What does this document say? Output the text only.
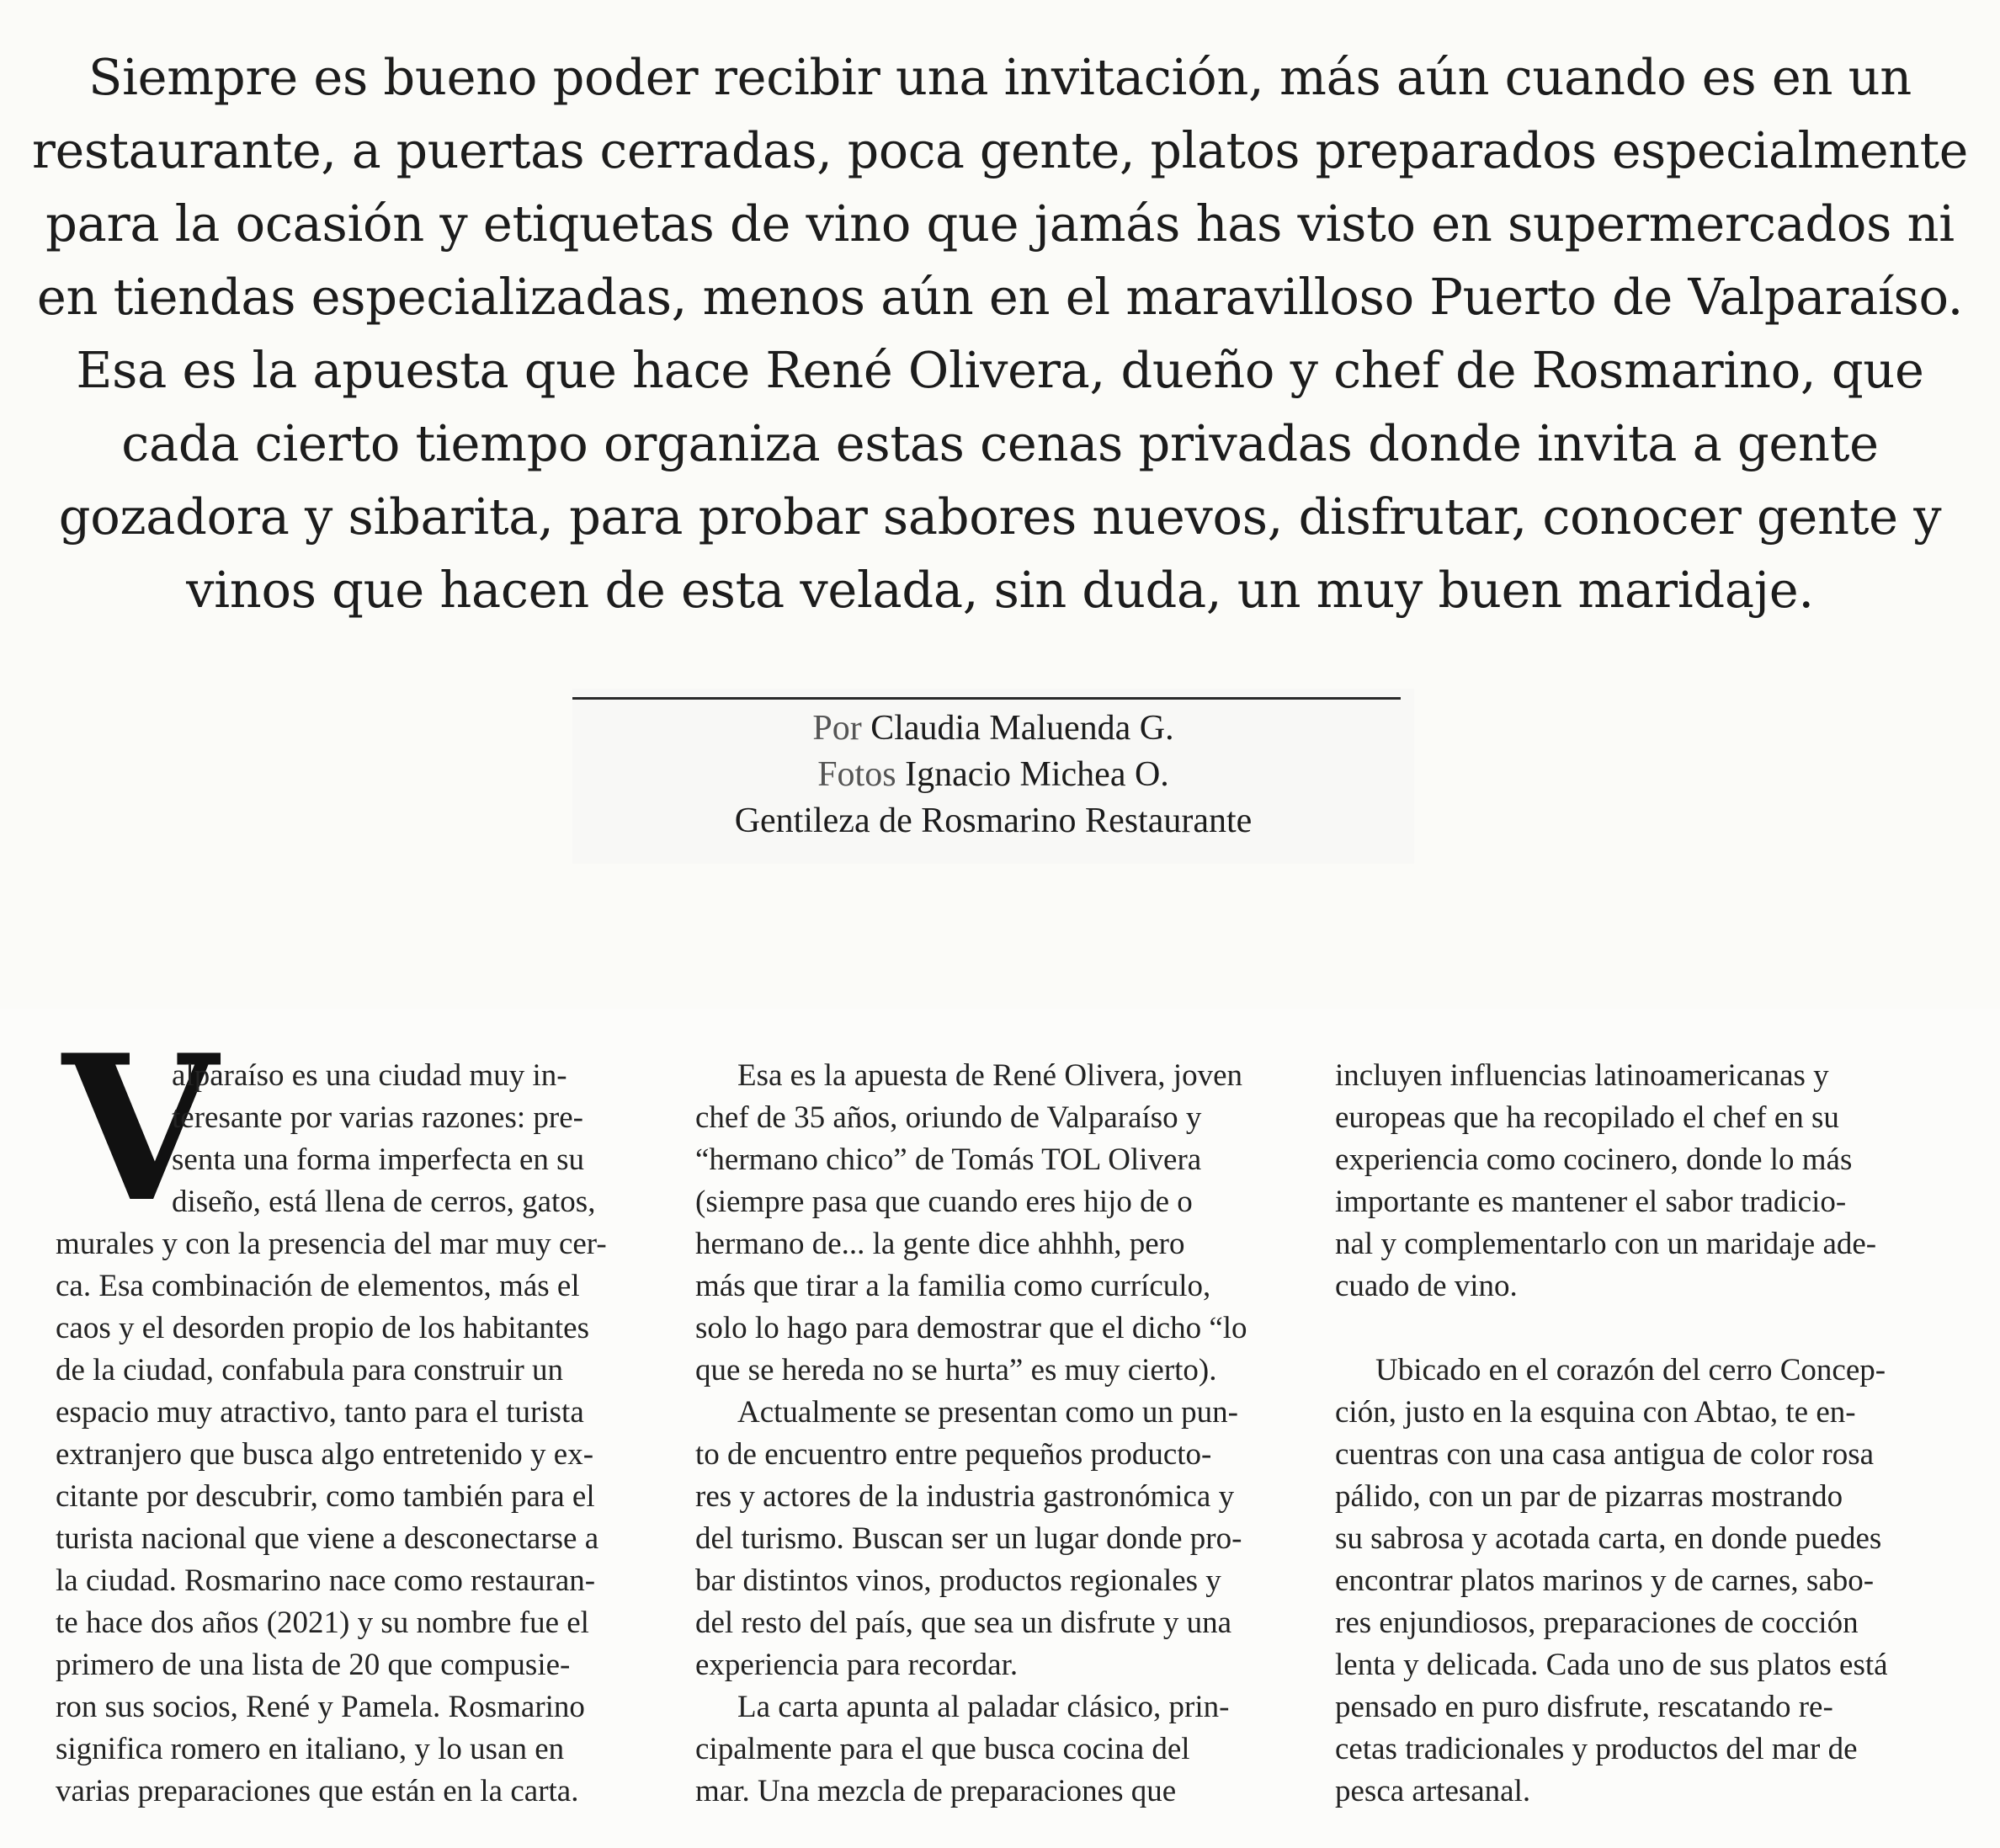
Siempre es bueno poder recibir una invitación, más aún cuando es en un
restaurante, a puertas cerradas, poca gente, platos preparados especialmente
para la ocasión y etiquetas de vino que jamás has visto en supermercados ni
en tiendas especializadas, menos aún en el maravilloso Puerto de Valparaíso.
Esa es la apuesta que hace René Olivera, dueño y chef de Rosmarino, que
cada cierto tiempo organiza estas cenas privadas donde invita a gente
gozadora y sibarita, para probar sabores nuevos, disfrutar, conocer gente y
vinos que hacen de esta velada, sin duda, un muy buen maridaje.
Por Claudia Maluenda G.
Fotos Ignacio Michea O.
Gentileza de Rosmarino Restaurante
V
alparaíso es una ciudad muy in-
teresante por varias razones: pre-
senta una forma imperfecta en su
diseño, está llena de cerros, gatos,
murales y con la presencia del mar muy cer-
ca. Esa combinación de elementos, más el
caos y el desorden propio de los habitantes
de la ciudad, confabula para construir un
espacio muy atractivo, tanto para el turista
extranjero que busca algo entretenido y ex-
citante por descubrir, como también para el
turista nacional que viene a desconectarse a
la ciudad. Rosmarino nace como restauran-
te hace dos años (2021) y su nombre fue el
primero de una lista de 20 que compusie-
ron sus socios, René y Pamela. Rosmarino
significa romero en italiano, y lo usan en
varias preparaciones que están en la carta.
Esa es la apuesta de René Olivera, joven
chef de 35 años, oriundo de Valparaíso y
“hermano chico” de Tomás TOL Olivera
(siempre pasa que cuando eres hijo de o
hermano de... la gente dice ahhhh, pero
más que tirar a la familia como currículo,
solo lo hago para demostrar que el dicho “lo
que se hereda no se hurta” es muy cierto).
Actualmente se presentan como un pun-
to de encuentro entre pequeños producto-
res y actores de la industria gastronómica y
del turismo. Buscan ser un lugar donde pro-
bar distintos vinos, productos regionales y
del resto del país, que sea un disfrute y una
experiencia para recordar.
La carta apunta al paladar clásico, prin-
cipalmente para el que busca cocina del
mar. Una mezcla de preparaciones que
incluyen influencias latinoamericanas y
europeas que ha recopilado el chef en su
experiencia como cocinero, donde lo más
importante es mantener el sabor tradicio-
nal y complementarlo con un maridaje ade-
cuado de vino.
Ubicado en el corazón del cerro Concep-
ción, justo en la esquina con Abtao, te en-
cuentras con una casa antigua de color rosa
pálido, con un par de pizarras mostrando
su sabrosa y acotada carta, en donde puedes
encontrar platos marinos y de carnes, sabo-
res enjundiosos, preparaciones de cocción
lenta y delicada. Cada uno de sus platos está
pensado en puro disfrute, rescatando re-
cetas tradicionales y productos del mar de
pesca artesanal.
